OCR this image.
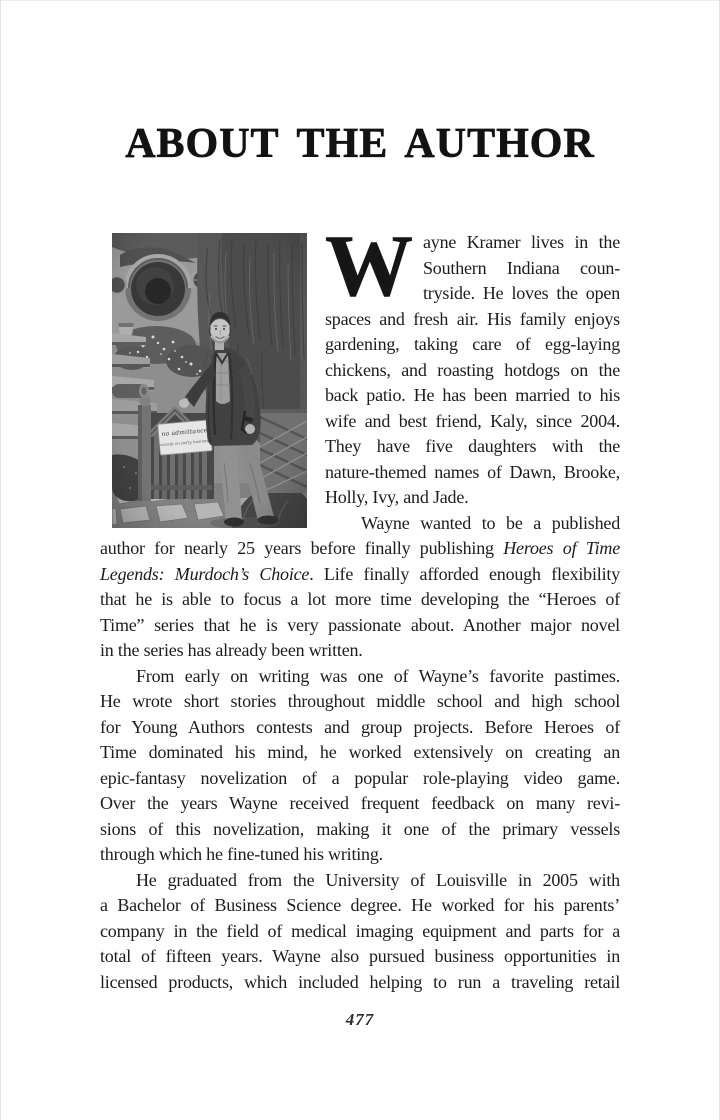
ABOUT THE AUTHOR
W ayne Kramer lives in the
Southern Indiana coun-
tryside. He loves the open
spaces and fresh air. His family enjoys
gardening, taking care of egg-laying
chickens, and roasting hotdogs on the
back patio. He has been married to his
wife and best friend, Kaly, since 2004.
They have five daughters with the
nature-themed names of Dawn, Brooke,
Holly, Ivy, and Jade.
Wayne wanted to be a published
author for nearly 25 years before finally publishing Heroes of Time
Legends: Murdoch’s Choice. Life finally afforded enough flexibility
that he is able to focus a lot more time developing the “Heroes of
Time” series that he is very passionate about. Another major novel
in the series has already been written.
From early on writing was one of Wayne’s favorite pastimes.
He wrote short stories throughout middle school and high school
for Young Authors contests and group projects. Before Heroes of
Time dominated his mind, he worked extensively on creating an
epic-fantasy novelization of a popular role-playing video game.
Over the years Wayne received frequent feedback on many revi-
sions of this novelization, making it one of the primary vessels
through which he fine-tuned his writing.
He graduated from the University of Louisville in 2005 with
a Bachelor of Business Science degree. He worked for his parents’
company in the field of medical imaging equipment and parts for a
total of fifteen years. Wayne also pursued business opportunities in
licensed products, which included helping to run a traveling retail
477
